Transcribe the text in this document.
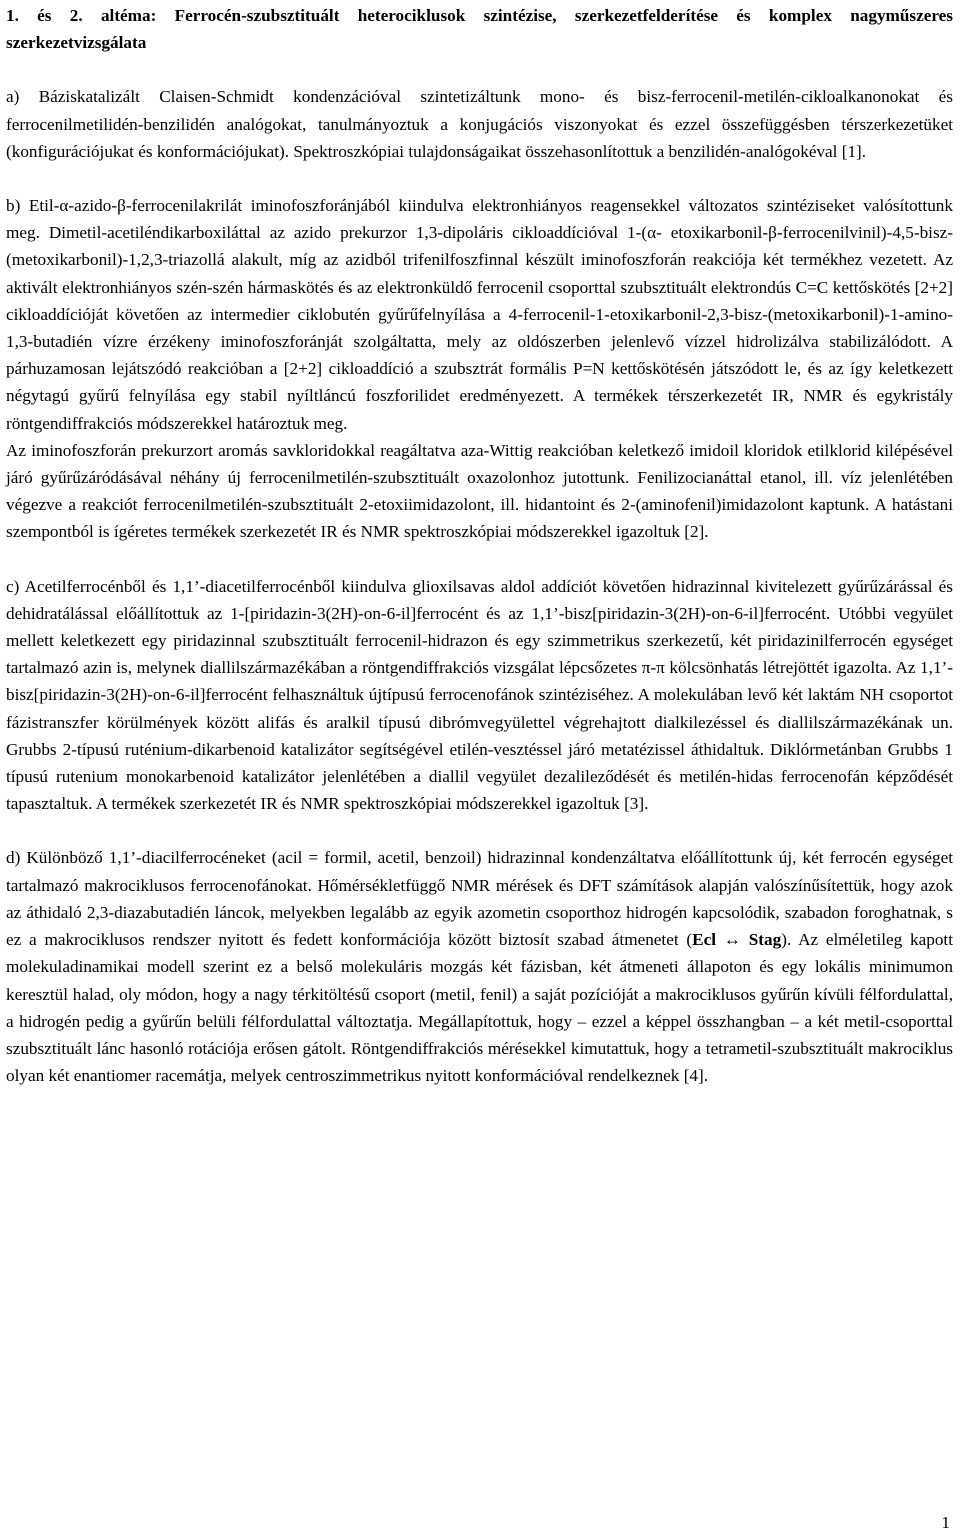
1. és 2. altéma: Ferrocén-szubsztituált heterociklusok szintézise, szerkezetfelderítése és komplex nagyműszeres szerkezetvizsgálata

a) Báziskatalizált Claisen-Schmidt kondenzációval szintetizáltunk mono- és bisz-ferrocenil-metilén-cikloalkanonokat és ferrocenilmetilidén-benzilidén analógokat, tanulmányoztuk a konjugációs viszonyokat és ezzel összefüggésben térszerkezetüket (konfigurációjukat és konformációjukat). Spektroszkópiai tulajdonságaikat összehasonlítottuk a benzilidén-analógokéval [1].

b) Etil-α-azido-β-ferrocenilakrilát iminofoszforánjából kiindulva elektronhiányos reagensekkel változatos szintéziseket valósítottunk meg. Dimetil-acetiléndikarboxiláttal az azido prekurzor 1,3-dipoláris cikloaddícióval 1-(α- etoxikarbonil-β-ferrocenilvinil)-4,5-bisz-(metoxikarbonil)-1,2,3-triazollá alakult, míg az azidból trifenilfoszfinnal készült iminofoszforán reakciója két termékhez vezetett. Az aktivált elektronhiányos szén-szén hármaskötés és az elektronküldő ferrocenil csoporttal szubsztituált elektrondús C=C kettőskötés [2+2] cikloaddícióját követően az intermedier ciklobutén gyűrűfelnyílása a 4-ferrocenil-1-etoxikarbonil-2,3-bisz-(metoxikarbonil)-1-amino-1,3-butadién vízre érzékeny iminofoszforánját szolgáltatta, mely az oldószerben jelenlevő vízzel hidrolizálva stabilizálódott. A párhuzamosan lejátszódó reakcióban a [2+2] cikloaddíció a szubsztrát formális P=N kettőskötésén játszódott le, és az így keletkezett négytagú gyűrű felnyílása egy stabil nyíltláncú foszforilidet eredményezett. A termékek térszerkezetét IR, NMR és egykristály röntgendiffrakciós módszerekkel határoztuk meg.

Az iminofoszforán prekurzort aromás savkloridokkal reagáltatva aza-Wittig reakcióban keletkező imidoil kloridok etilklorid kilépésével járó gyűrűzáródásával néhány új ferrocenilmetilén-szubsztituált oxazolonhoz jutottunk. Fenilizocianáttal etanol, ill. víz jelenlétében végezve a reakciót ferrocenilmetilén-szubsztituált 2-etoxiimidazolont, ill. hidantoint és 2-(aminofenil)imidazolont kaptunk. A hatástani szempontból is ígéretes termékek szerkezetét IR és NMR spektroszkópiai módszerekkel igazoltuk [2].

c) Acetilferrocénből és 1,1’-diacetilferrocénből kiindulva glioxilsavas aldol addíciót követően hidrazinnal kivitelezett gyűrűzárással és dehidratálással előállítottuk az 1-[piridazin-3(2H)-on-6-il]ferrocént és az 1,1’-bisz[piridazin-3(2H)-on-6-il]ferrocént. Utóbbi vegyület mellett keletkezett egy piridazinnal szubsztituált ferrocenil-hidrazon és egy szimmetrikus szerkezetű, két piridazinilferrocén egységet tartalmazó azin is, melynek diallilszármazékában a röntgendiffrakciós vizsgálat lépcsőzetes π-π kölcsönhatás létrejöttét igazolta. Az 1,1’-bisz[piridazin-3(2H)-on-6-il]ferrocént felhasználtuk újtípusú ferrocenofánok szintéziséhez. A molekulában levő két laktám NH csoportot fázistranszfer körülmények között alifás és aralkil típusú dibrómvegyülettel végrehajtott dialkilezéssel és diallilszármazékának un. Grubbs 2-típusú ruténium-dikarbenoid katalizátor segítségével etilén-vesztéssel járó metatézissel áthidaltuk. Diklórmetánban Grubbs 1 típusú rutenium monokarbenoid katalizátor jelenlétében a diallil vegyület dezalileződését és metilén-hidas ferrocenofán képződését tapasztaltuk. A termékek szerkezetét IR és NMR spektroszkópiai módszerekkel igazoltuk [3].

d) Különböző 1,1’-diacilferrocéneket (acil = formil, acetil, benzoil) hidrazinnal kondenzáltatva előállítottunk új, két ferrocén egységet tartalmazó makrociklusos ferrocenofánokat. Hőmérsékletfüggő NMR mérések és DFT számítások alapján valószínűsítettük, hogy azok az áthidaló 2,3-diazabutadién láncok, melyekben legalább az egyik azometin csoporthoz hidrogén kapcsolódik, szabadon foroghatnak, s ez a makrociklusos rendszer nyitott és fedett konformációja között biztosít szabad átmenetet (Ecl ↔ Stag). Az elméletileg kapott molekuladinamikai modell szerint ez a belső molekuláris mozgás két fázisban, két átmeneti állapoton és egy lokális minimumon keresztül halad, oly módon, hogy a nagy térkitöltésű csoport (metil, fenil) a saját pozícióját a makrociklusos gyűrűn kívüli félfordulattal, a hidrogén pedig a gyűrűn belüli félfordulattal változtatja. Megállapítottuk, hogy – ezzel a képpel összhangban – a két metil-csoporttal szubsztituált lánc hasonló rotációja erősen gátolt. Röntgendiffrakciós mérésekkel kimutattuk, hogy a tetrametil-szubsztituált makrociklus olyan két enantiomer racemátja, melyek centroszimmetrikus nyitott konformációval rendelkeznek [4].

1
